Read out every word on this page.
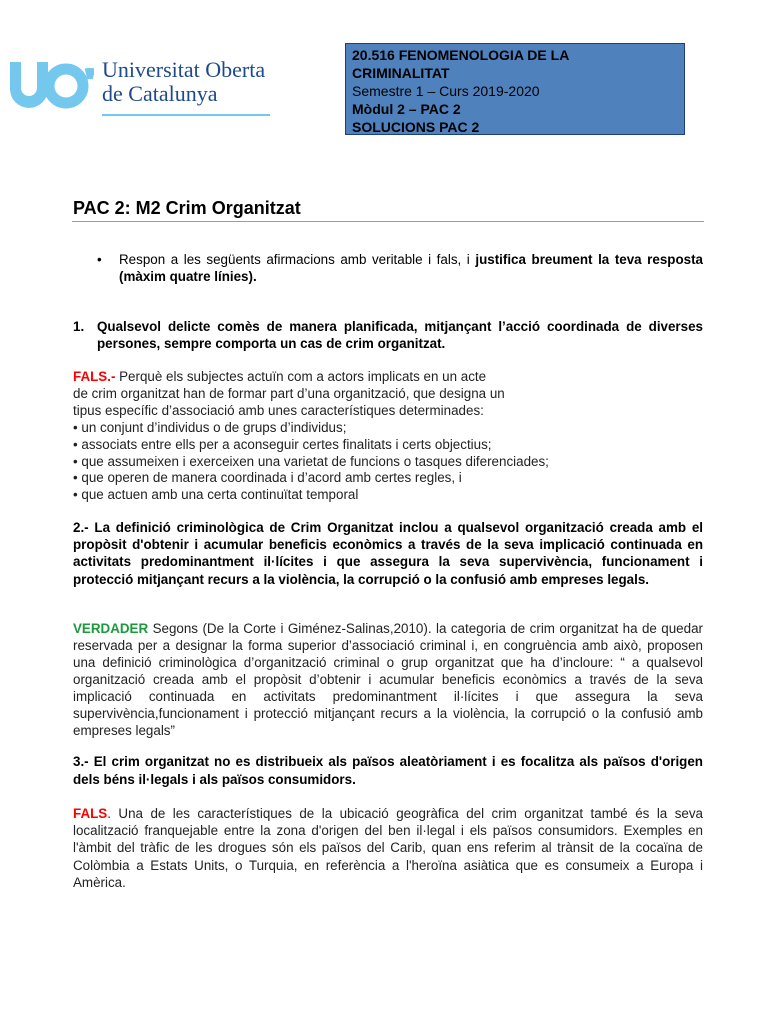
Universitat Oberta
de Catalunya
20.516 FENOMENOLOGIA DE LA
CRIMINALITAT
Semestre 1 – Curs 2019-2020
Mòdul 2 – PAC 2
SOLUCIONS PAC 2
PAC 2: M2 Crim Organitzat
• Respon a les següents afirmacions amb veritable i fals, i justifica breument la teva resposta (màxim quatre línies).
1. Qualsevol delicte comès de manera planificada, mitjançant l’acció coordinada de diverses persones, sempre comporta un cas de crim organitzat.
FALS.- Perquè els subjectes actuïn com a actors implicats en un acte
de crim organitzat han de formar part d’una organització, que designa un
tipus específic d’associació amb unes característiques determinades:
• un conjunt d’individus o de grups d’individus;
• associats entre ells per a aconseguir certes finalitats i certs objectius;
• que assumeixen i exerceixen una varietat de funcions o tasques diferenciades;
• que operen de manera coordinada i d’acord amb certes regles, i
• que actuen amb una certa continuïtat temporal
2.- La definició criminològica de Crim Organitzat inclou a qualsevol organització creada amb el propòsit d'obtenir i acumular beneficis econòmics a través de la seva implicació continuada en activitats predominantment il·lícites i que assegura la seva supervivència, funcionament i protecció mitjançant recurs a la violència, la corrupció o la confusió amb empreses legals.
VERDADER Segons (De la Corte i Giménez-Salinas,2010). la categoria de crim organitzat ha de quedar reservada per a designar la forma superior d’associació criminal i, en congruència amb això, proposen una definició criminològica d’organització criminal o grup organitzat que ha d’incloure: “ a qualsevol organització creada amb el propòsit d’obtenir i acumular beneficis econòmics a través de la seva implicació continuada en activitats predominantment il·lícites i que assegura la seva supervivència,funcionament i protecció mitjançant recurs a la violència, la corrupció o la confusió amb empreses legals”
3.- El crim organitzat no es distribueix als països aleatòriament i es focalitza als països d'origen dels béns il·legals i als països consumidors.
FALS. Una de les característiques de la ubicació geogràfica del crim organitzat també és la seva localització franquejable entre la zona d'origen del ben il·legal i els països consumidors. Exemples en l'àmbit del tràfic de les drogues són els països del Carib, quan ens referim al trànsit de la cocaïna de Colòmbia a Estats Units, o Turquia, en referència a l'heroïna asiàtica que es consumeix a Europa i Amèrica.
